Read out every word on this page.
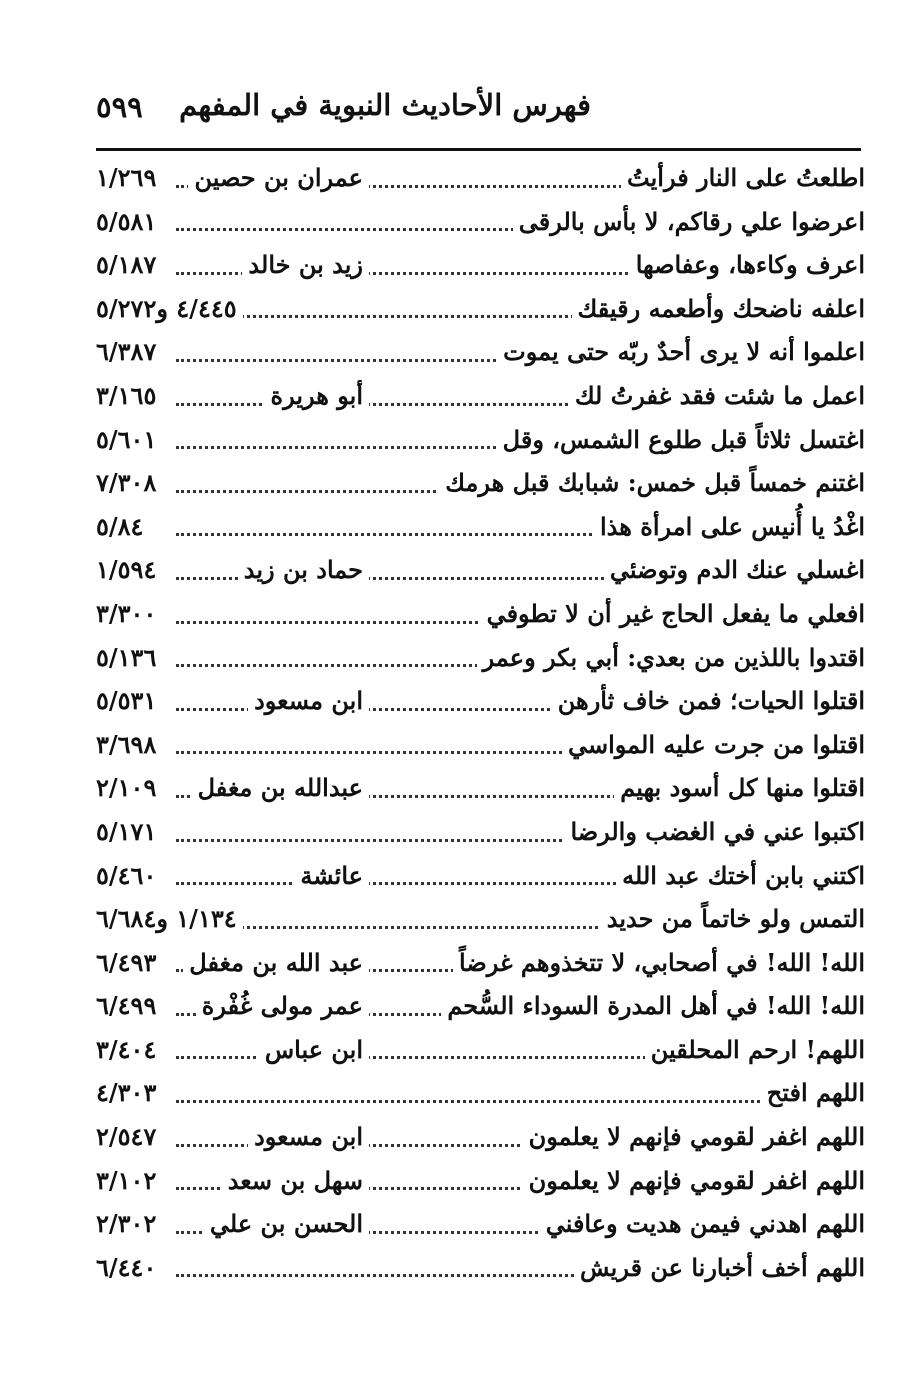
فهرس الأحاديث النبوية في المفهم
٥٩٩
اطلعتُ على النار فرأيتُ
عمران بن حصين
١/٢٦٩
اعرضوا علي رقاكم، لا بأس بالرقى
٥/٥٨١
اعرف وكاءها، وعفاصها
زيد بن خالد
٥/١٨٧
اعلفه ناضحك وأطعمه رقيقك
٤/٤٤٥ و٥/٢٧٢
اعلموا أنه لا يرى أحدٌ ربّه حتى يموت
٦/٣٨٧
اعمل ما شئت فقد غفرتُ لك
أبو هريرة
٣/١٦٥
اغتسل ثلاثاً قبل طلوع الشمس، وقل
٥/٦٠١
اغتنم خمساً قبل خمس: شبابك قبل هرمك
٧/٣٠٨
اغْدُ يا أُنيس على امرأة هذا
٥/٨٤
اغسلي عنك الدم وتوضئي
حماد بن زيد
١/٥٩٤
افعلي ما يفعل الحاج غير أن لا تطوفي
٣/٣٠٠
اقتدوا باللذين من بعدي: أبي بكر وعمر
٥/١٣٦
اقتلوا الحيات؛ فمن خاف ثأرهن
ابن مسعود
٥/٥٣١
اقتلوا من جرت عليه المواسي
٣/٦٩٨
اقتلوا منها كل أسود بهيم
عبدالله بن مغفل
٢/١٠٩
اكتبوا عني في الغضب والرضا
٥/١٧١
اكتني بابن أختك عبد الله
عائشة
٥/٤٦٠
التمس ولو خاتماً من حديد
١/١٣٤ و٦/٦٨٤
الله! الله! في أصحابي، لا تتخذوهم غرضاً
عبد الله بن مغفل
٦/٤٩٣
الله! الله! في أهل المدرة السوداء السُّحم
عمر مولى غُفْرة
٦/٤٩٩
اللهم! ارحم المحلقين
ابن عباس
٣/٤٠٤
اللهم افتح
٤/٣٠٣
اللهم اغفر لقومي فإنهم لا يعلمون
ابن مسعود
٢/٥٤٧
اللهم اغفر لقومي فإنهم لا يعلمون
سهل بن سعد
٣/١٠٢
اللهم اهدني فيمن هديت وعافني
الحسن بن علي
٢/٣٠٢
اللهم أخف أخبارنا عن قريش
٦/٤٤٠
